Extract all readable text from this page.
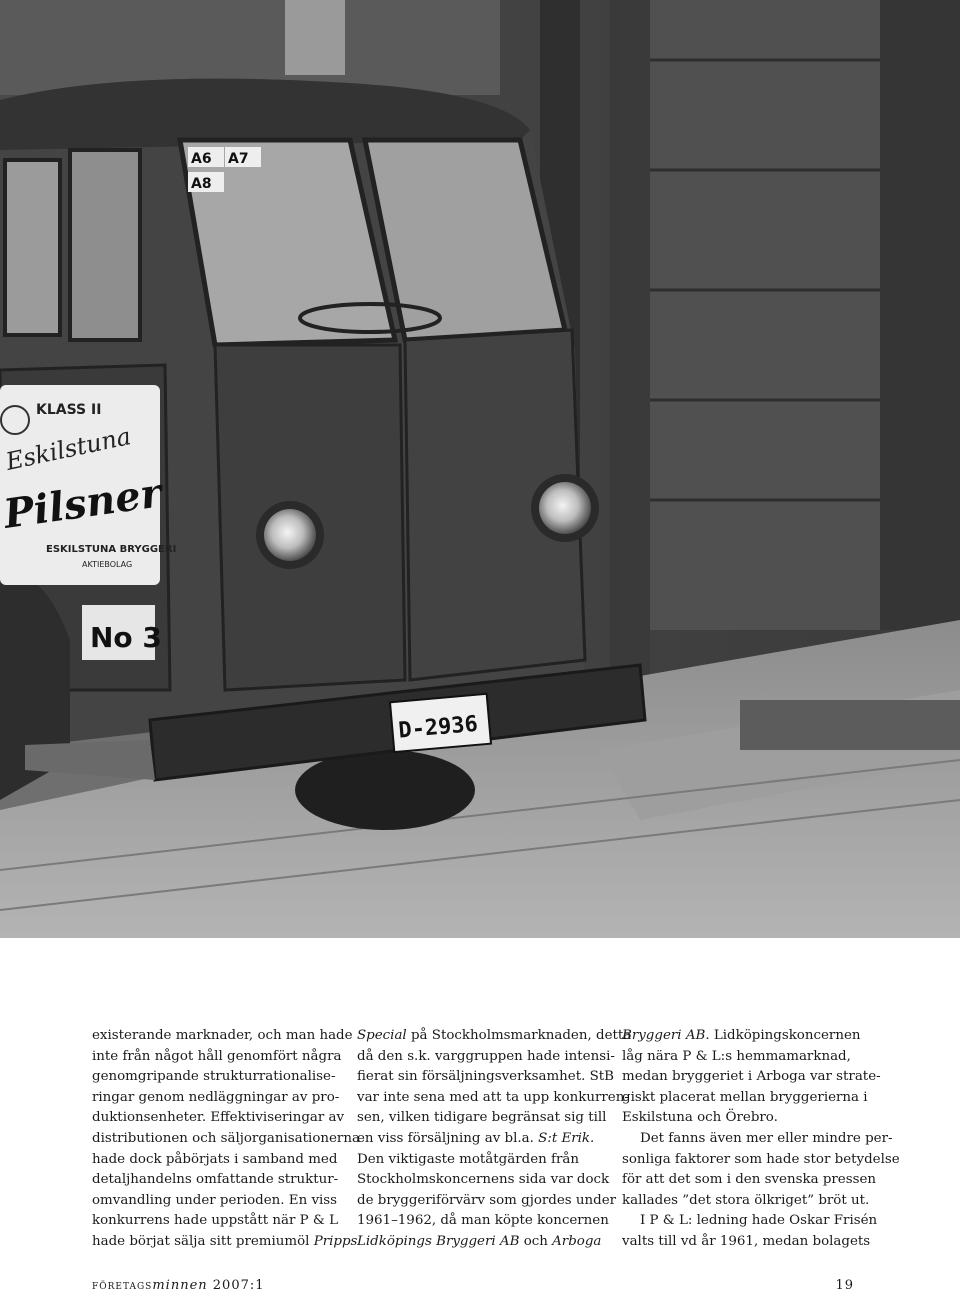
A6 A7
A8
KLASS II
Eskilstuna
Pilsner
ESKILSTUNA BRYGGERI
AKTIEBOLAG
No 3
D-2936

existerande marknader, och man hade
inte från något håll genomfört några
genomgripande strukturrationalise-
ringar genom nedläggningar av pro-
duktionsenheter. Effektiviseringar av
distributionen och säljorganisationerna
hade dock påbörjats i samband med
detaljhandelns omfattande struktur-
omvandling under perioden. En viss
konkurrens hade uppstått när P & L
hade börjat sälja sitt premiumöl Pripps

Special på Stockholmsmarknaden, detta
då den s.k. varggruppen hade intensi-
fierat sin försäljningsverksamhet. StB
var inte sena med att ta upp konkurren-
sen, vilken tidigare begränsat sig till
en viss försäljning av bl.a. S:t Erik.
Den viktigaste motåtgärden från
Stockholmskoncernens sida var dock
de bryggeriförvärv som gjordes under
1961–1962, då man köpte koncernen
Lidköpings Bryggeri AB och Arboga

Bryggeri AB. Lidköpingskoncernen
låg nära P & L:s hemmamarknad,
medan bryggeriet i Arboga var strate-
giskt placerat mellan bryggerierna i
Eskilstuna och Örebro.
Det fanns även mer eller mindre per-
sonliga faktorer som hade stor betydelse
för att det som i den svenska pressen
kallades ”det stora ölkriget” bröt ut.
I P & L: ledning hade Oskar Frisén
valts till vd år 1961, medan bolagets

företagsminnen 2007:1	19
